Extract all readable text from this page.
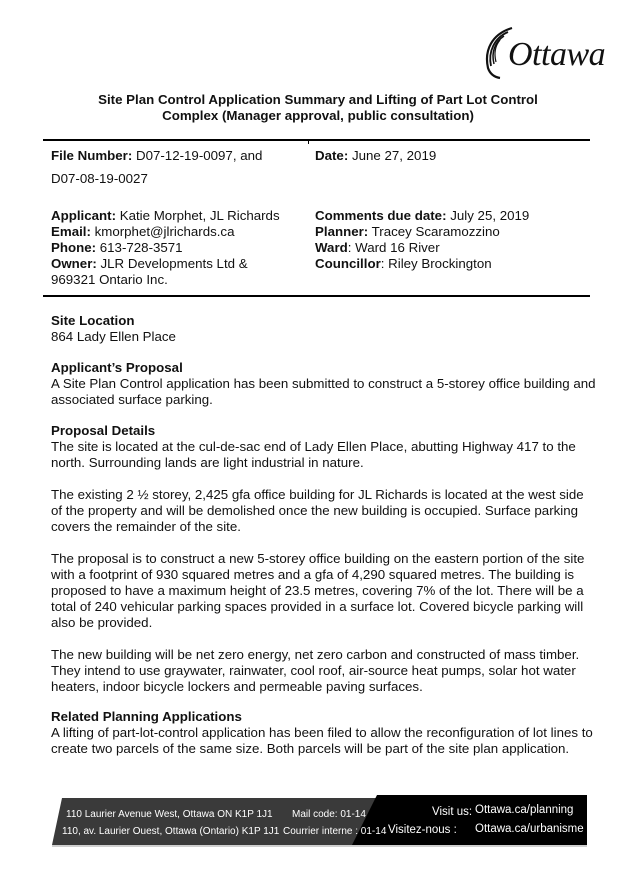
Ottawa
Site Plan Control Application Summary and Lifting of Part Lot Control
Complex (Manager approval, public consultation)
File Number: D07-12-19-0097, and
D07-08-19-0027
Date: June 27, 2019
Applicant: Katie Morphet, JL Richards
Email: kmorphet@jlrichards.ca
Phone: 613-728-3571
Owner: JLR Developments Ltd &
969321 Ontario Inc.
Comments due date: July 25, 2019
Planner: Tracey Scaramozzino
Ward: Ward 16 River
Councillor: Riley Brockington
Site Location

864 Lady Ellen Place

Applicant’s Proposal

A Site Plan Control application has been submitted to construct a 5-storey office building and associated surface parking.

Proposal Details

The site is located at the cul-de-sac end of Lady Ellen Place, abutting Highway 417 to the north. Surrounding lands are light industrial in nature.

The existing 2 ½ storey, 2,425 gfa office building for JL Richards is located at the west side of the property and will be demolished once the new building is occupied. Surface parking covers the remainder of the site.

The proposal is to construct a new 5-storey office building on the eastern portion of the site with a footprint of 930 squared metres and a gfa of 4,290 squared metres. The building is proposed to have a maximum height of 23.5 metres, covering 7% of the lot. There will be a total of 240 vehicular parking spaces provided in a surface lot. Covered bicycle parking will also be provided.

The new building will be net zero energy, net zero carbon and constructed of mass timber. They intend to use graywater, rainwater, cool roof, air-source heat pumps, solar hot water heaters, indoor bicycle lockers and permeable paving surfaces.

Related Planning Applications

A lifting of part-lot-control application has been filed to allow the reconfiguration of lot lines to create two parcels of the same size. Both parcels will be part of the site plan application.

110 Laurier Avenue West, Ottawa ON K1P 1J1
110, av. Laurier Ouest, Ottawa (Ontario) K1P 1J1
Mail code: 01-14
Courrier interne : 01-14
Visit us: Ottawa.ca/planning
Visitez-nous : Ottawa.ca/urbanisme
